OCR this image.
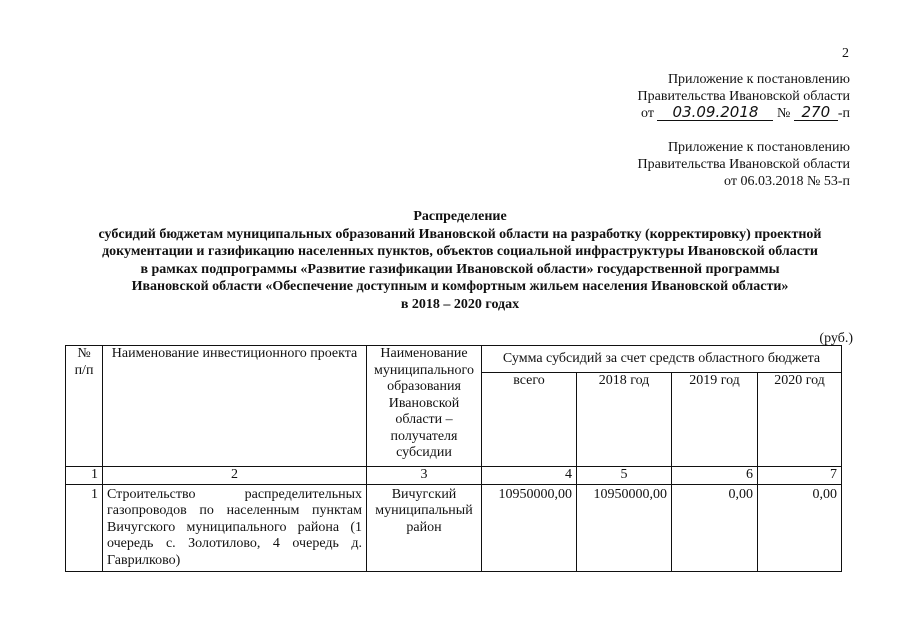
2
Приложение к постановлению
Правительства Ивановской области
от 03.09.2018 № 270 -п
Приложение к постановлению
Правительства Ивановской области
от 06.03.2018 № 53-п
Распределение
субсидий бюджетам муниципальных образований Ивановской области на разработку (корректировку) проектной
документации и газификацию населенных пунктов, объектов социальной инфраструктуры Ивановской области
в рамках подпрограммы «Развитие газификации Ивановской области» государственной программы
Ивановской области «Обеспечение доступным и комфортным жильем населения Ивановской области»
в 2018 – 2020 годах
(руб.)
№ п/п	Наименование инвестиционного проекта	Наименование муниципального образования Ивановской области – получателя субсидии	Сумма субсидий за счет средств областного бюджета			
			всего	2018 год	2019 год	2020 год
1	2	3	4	5	6	7
1	Строительство распределительных газопроводов по населенным пунктам Вичугского муниципального района (1 очередь с. Золотилово, 4 очередь д. Гаврилково)	Вичугский муниципальный район	10950000,00	10950000,00	0,00	0,00
